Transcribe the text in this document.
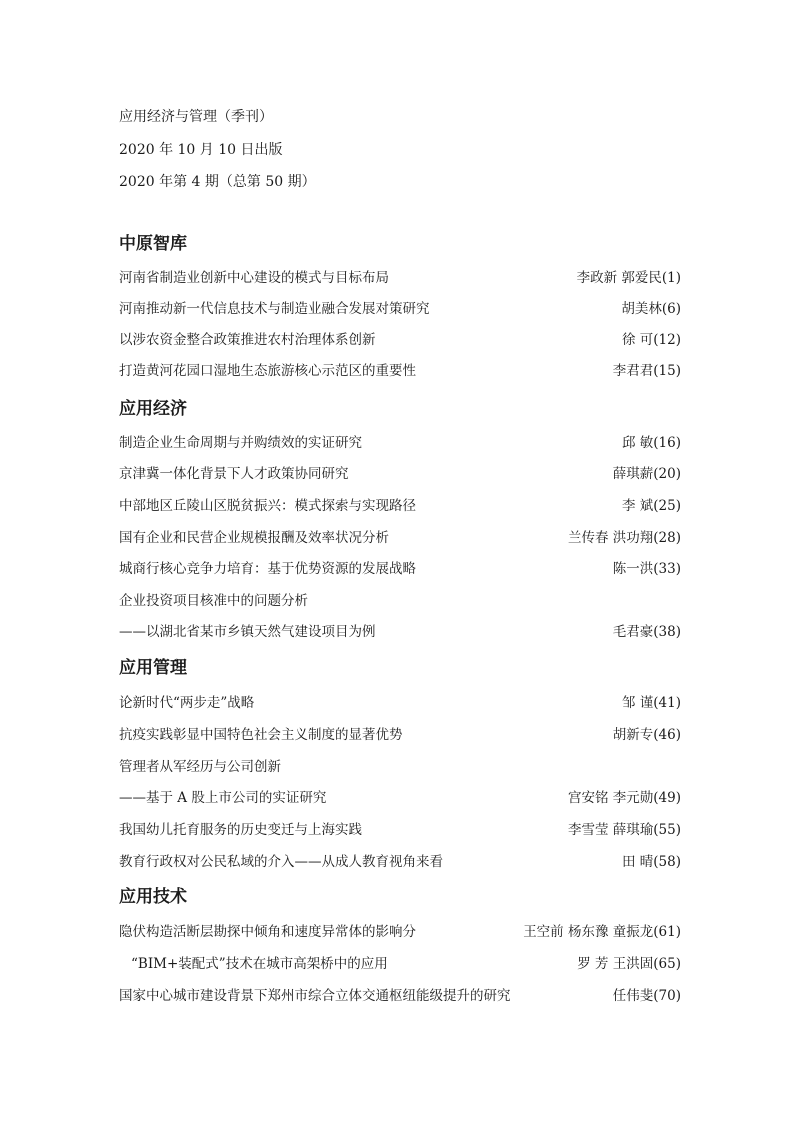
应用经济与管理（季刊）
2020 年 10 月 10 日出版
2020 年第 4 期（总第 50 期）
中原智库
河南省制造业创新中心建设的模式与目标布局	李政新 郭爱民(1)
河南推动新一代信息技术与制造业融合发展对策研究	胡美林(6)
以涉农资金整合政策推进农村治理体系创新	徐 可(12)
打造黄河花园口湿地生态旅游核心示范区的重要性	李君君(15)
应用经济
制造企业生命周期与并购绩效的实证研究	邱 敏(16)
京津冀一体化背景下人才政策协同研究	薛琪薪(20)
中部地区丘陵山区脱贫振兴：模式探索与实现路径	李 斌(25)
国有企业和民营企业规模报酬及效率状况分析	兰传春 洪功翔(28)
城商行核心竞争力培育：基于优势资源的发展战略	陈一洪(33)
企业投资项目核准中的问题分析
——以湖北省某市乡镇天然气建设项目为例	毛君豪(38)
应用管理
论新时代“两步走”战略	邹 谨(41)
抗疫实践彰显中国特色社会主义制度的显著优势	胡新专(46)
管理者从军经历与公司创新
——基于 A 股上市公司的实证研究	宫安铭 李元勋(49)
我国幼儿托育服务的历史变迁与上海实践	李雪莹 薛琪瑜(55)
教育行政权对公民私域的介入——从成人教育视角来看	田 晴(58)
应用技术
隐伏构造活断层勘探中倾角和速度异常体的影响分	王空前 杨东豫 童振龙(61)
“BIM+装配式”技术在城市高架桥中的应用	罗 芳 王洪固(65)
国家中心城市建设背景下郑州市综合立体交通枢纽能级提升的研究	任伟斐(70)
